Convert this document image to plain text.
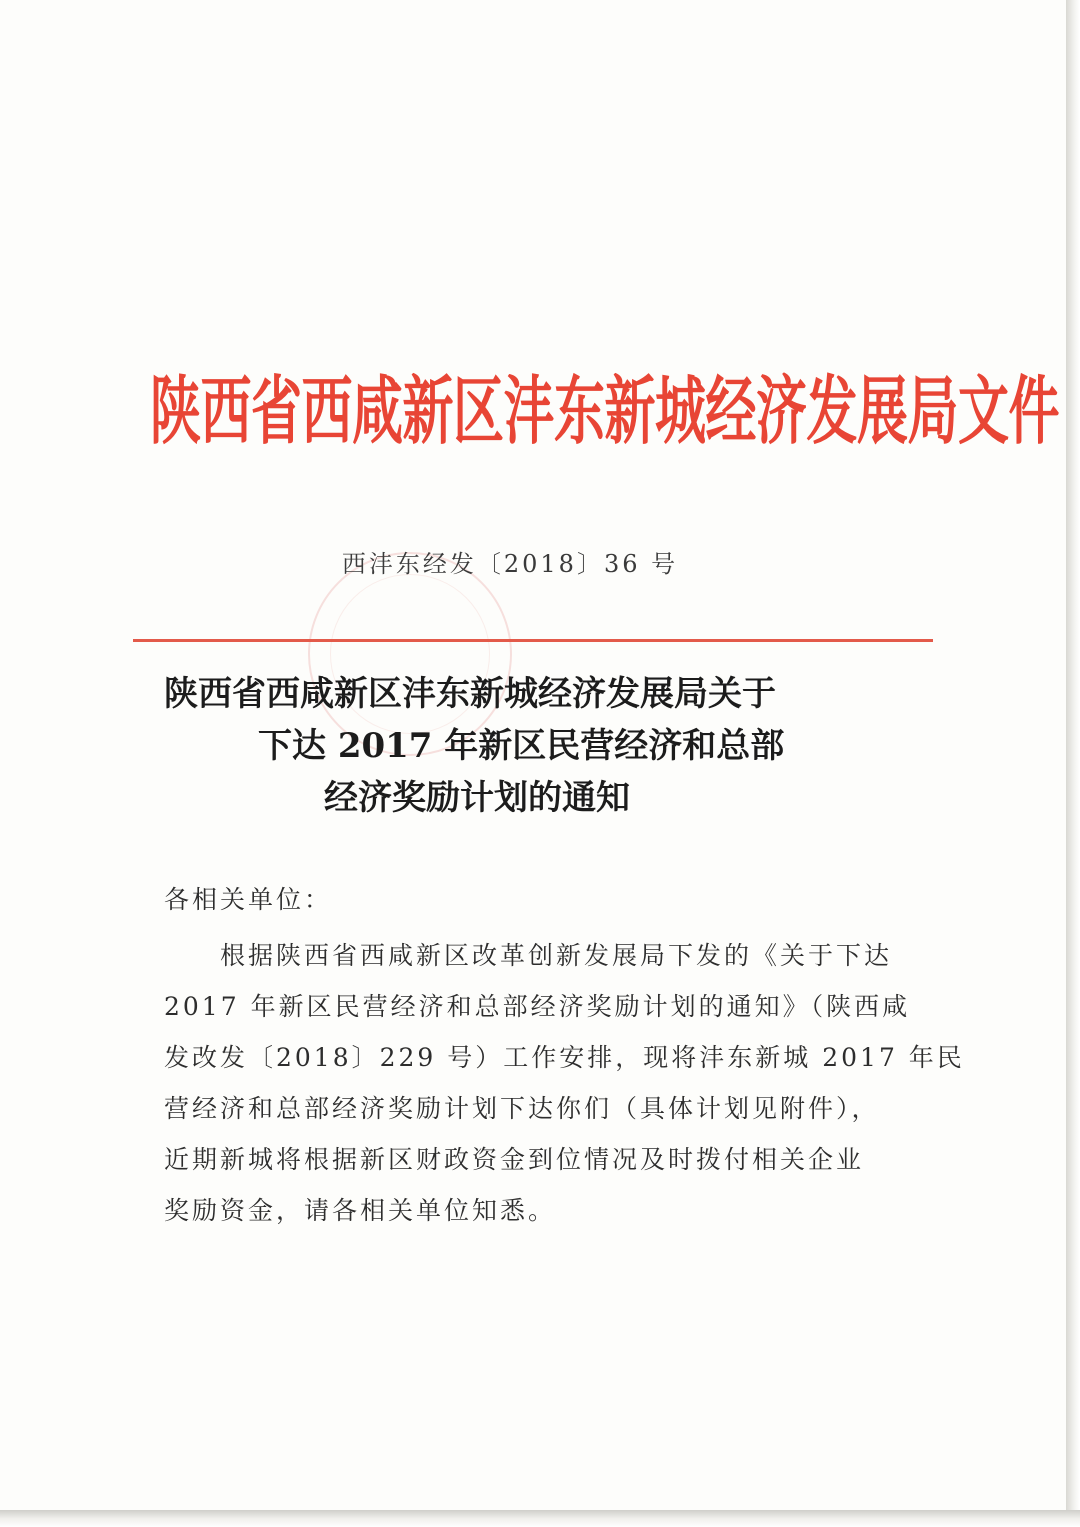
陕西省西咸新区沣东新城经济发展局文件
西沣东经发〔2018〕36 号
陕西省西咸新区沣东新城经济发展局关于
下达 2017 年新区民营经济和总部
经济奖励计划的通知
各相关单位：

根据陕西省西咸新区改革创新发展局下发的《关于下达
2017 年新区民营经济和总部经济奖励计划的通知》（陕西咸
发改发〔2018〕229 号）工作安排，现将沣东新城 2017 年民
营经济和总部经济奖励计划下达你们（具体计划见附件），
近期新城将根据新区财政资金到位情况及时拨付相关企业
奖励资金，请各相关单位知悉。
